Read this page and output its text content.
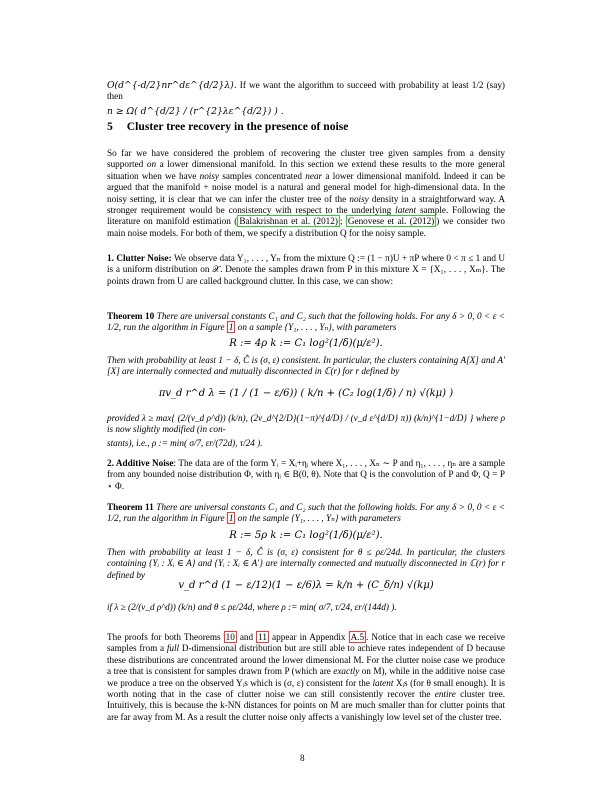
O(d^{-d/2}nr^dε^{d/2}λ). If we want the algorithm to succeed with probability at least 1/2 (say) then

n ≥ Ω( d^{d/2} / (r^{2}λε^{d/2}) ) .

5 Cluster tree recovery in the presence of noise

So far we have considered the problem of recovering the cluster tree given samples from a density supported on a lower dimensional manifold. In this section we extend these results to the more general situation when we have noisy samples concentrated near a lower dimensional manifold. Indeed it can be argued that the manifold + noise model is a natural and general model for high-dimensional data. In the noisy setting, it is clear that we can infer the cluster tree of the noisy density in a straightforward way. A stronger requirement would be consistency with respect to the underlying latent sample. Following the literature on manifold estimation ( Balakrishnan et al. (2012) ; Genovese et al. (2012) ) we consider two main noise models. For both of them, we specify a distribution Q for the noisy sample.

1. Clutter Noise: We observe data Y₁, . . . , Yₙ from the mixture Q := (1 − π)U + πP where 0 < π ≤ 1 and U is a uniform distribution on 𝒳. Denote the samples drawn from P in this mixture X = {X₁, . . . , Xₘ}. The points drawn from U are called background clutter. In this case, we can show:

Theorem 10 There are universal constants C₁ and C₂ such that the following holds. For any δ > 0, 0 < ε < 1/2, run the algorithm in Figure 1 on a sample {Y₁, . . . , Yₙ}, with parameters

R := 4ρ k := C₁ log²(1/δ)(μ/ε²).

Then with probability at least 1 − δ, Ĉ is (σ, ε) consistent. In particular, the clusters containing A[X] and A′[X] are internally connected and mutually disconnected in ℂ(r) for r defined by

πv_d r^d λ = (1 / (1 − ε/6)) ( k/n + (C₂ log(1/δ) / n) √(kμ) )

provided λ ≥ max{ (2/(v_d ρ^d)) (k/n), (2v_d^{2/D}(1−π)^{d/D} / (v_d ε^{d/D} π)) (k/n)^{1−d/D} } where ρ is now slightly modified (in con-

stants), i.e., ρ := min( σ/7, εr/(72d), τ/24 ).

2. Additive Noise: The data are of the form Yᵢ = Xᵢ+ηᵢ where X₁, . . . , Xₙ ∼ P and η₁, . . . , ηₙ are a sample from any bounded noise distribution Φ, with ηᵢ ∈ B(0, θ). Note that Q is the convolution of P and Φ, Q = P ⋆ Φ.

Theorem 11 There are universal constants C₁ and C₂ such that the following holds. For any δ > 0, 0 < ε < 1/2, run the algorithm in Figure 1 on the sample {Y₁, . . . , Yₙ} with parameters

R := 5ρ k := C₁ log²(1/δ)(μ/ε²).

Then with probability at least 1 − δ, Ĉ is (σ, ε) consistent for θ ≤ ρε/24d. In particular, the clusters containing {Yᵢ : Xᵢ ∈ A} and {Yᵢ : Xᵢ ∈ A′} are internally connected and mutually disconnected in ℂ(r) for r defined by

v_d r^d (1 − ε/12)(1 − ε/6)λ = k/n + (C_δ/n) √(kμ)

if λ ≥ (2/(v_d ρ^d)) (k/n) and θ ≤ ρε/24d, where ρ := min( σ/7, τ/24, εr/(144d) ).

The proofs for both Theorems 10 and 11 appear in Appendix A.5 . Notice that in each case we receive samples from a full D-dimensional distribution but are still able to achieve rates independent of D because these distributions are concentrated around the lower dimensional M. For the clutter noise case we produce a tree that is consistent for samples drawn from P (which are exactly on M), while in the additive noise case we produce a tree on the observed Yᵢs which is (σ, ε) consistent for the latent Xᵢs (for θ small enough). It is worth noting that in the case of clutter noise we can still consistently recover the entire cluster tree. Intuitively, this is because the k-NN distances for points on M are much smaller than for clutter points that are far away from M. As a result the clutter noise only affects a vanishingly low level set of the cluster tree.

8
